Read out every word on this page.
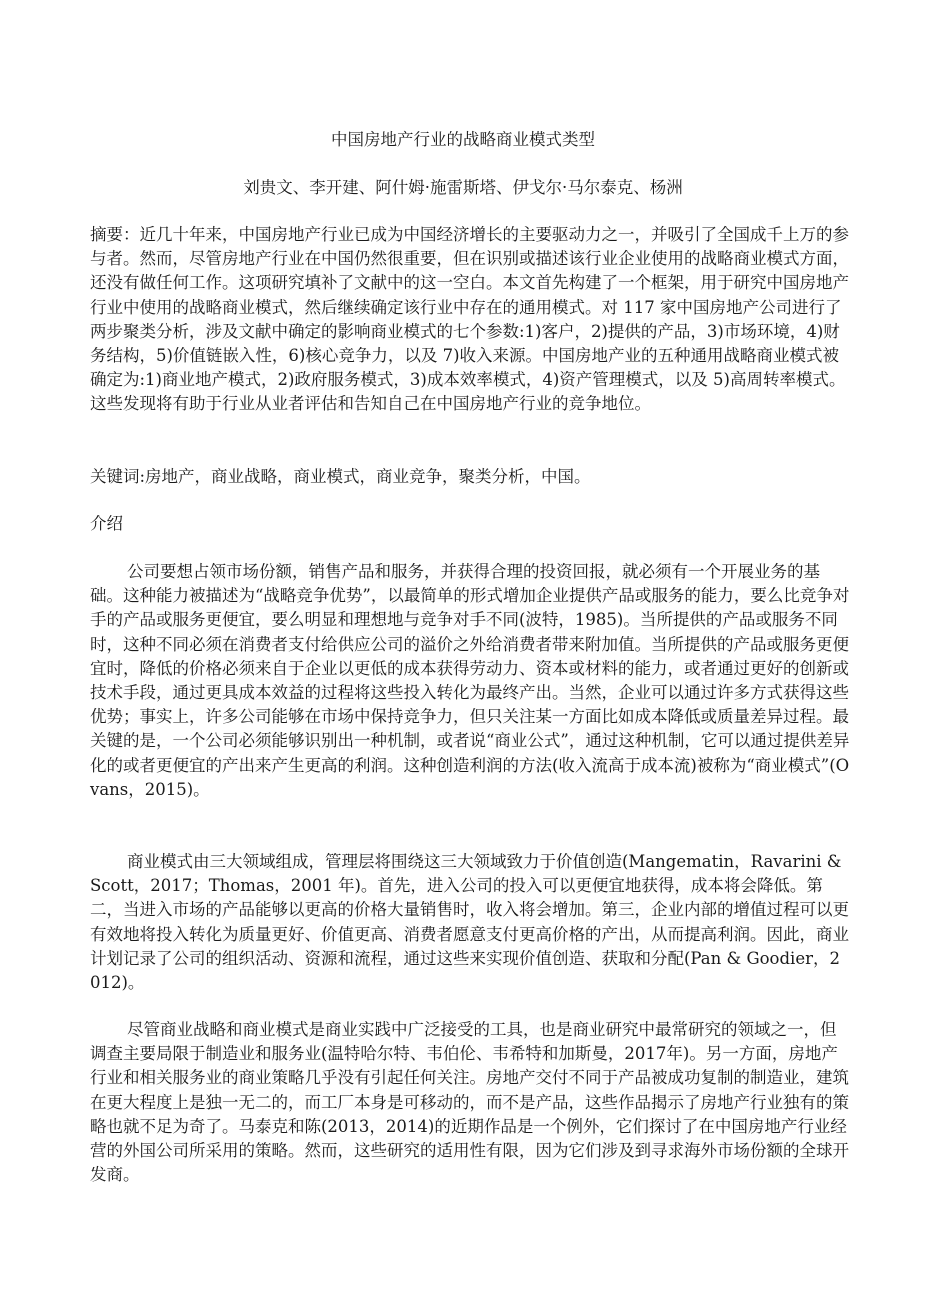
中国房地产行业的战略商业模式类型
刘贵文、李开建、阿什姆·施雷斯塔、伊戈尔·马尔泰克、杨洲
摘要：近几十年来，中国房地产行业已成为中国经济增长的主要驱动力之一，并吸引了全国成千上万的参与者。然而，尽管房地产行业在中国仍然很重要，但在识别或描述该行业企业使用的战略商业模式方面，还没有做任何工作。这项研究填补了文献中的这一空白。本文首先构建了一个框架，用于研究中国房地产行业中使用的战略商业模式，然后继续确定该行业中存在的通用模式。对 117 家中国房地产公司进行了两步聚类分析，涉及文献中确定的影响商业模式的七个参数:1)客户，2)提供的产品，3)市场环境，4)财务结构，5)价值链嵌入性，6)核心竞争力，以及 7)收入来源。中国房地产业的五种通用战略商业模式被确定为:1)商业地产模式，2)政府服务模式，3)成本效率模式，4)资产管理模式，以及 5)高周转率模式。这些发现将有助于行业从业者评估和告知自己在中国房地产行业的竞争地位。
关键词:房地产，商业战略，商业模式，商业竞争，聚类分析，中国。
介绍
公司要想占领市场份额，销售产品和服务，并获得合理的投资回报，就必须有一个开展业务的基础。这种能力被描述为“战略竞争优势”，以最简单的形式增加企业提供产品或服务的能力，要么比竞争对手的产品或服务更便宜，要么明显和理想地与竞争对手不同(波特，1985)。当所提供的产品或服务不同时，这种不同必须在消费者支付给供应公司的溢价之外给消费者带来附加值。当所提供的产品或服务更便宜时，降低的价格必须来自于企业以更低的成本获得劳动力、资本或材料的能力，或者通过更好的创新或技术手段，通过更具成本效益的过程将这些投入转化为最终产出。当然，企业可以通过许多方式获得这些优势；事实上，许多公司能够在市场中保持竞争力，但只关注某一方面比如成本降低或质量差异过程。最关键的是，一个公司必须能够识别出一种机制，或者说“商业公式”，通过这种机制，它可以通过提供差异化的或者更便宜的产出来产生更高的利润。这种创造利润的方法(收入流高于成本流)被称为“商业模式”(Ovans，2015)。
商业模式由三大领域组成，管理层将围绕这三大领域致力于价值创造(Mangematin，Ravarini & Scott，2017；Thomas，2001 年)。首先，进入公司的投入可以更便宜地获得，成本将会降低。第二，当进入市场的产品能够以更高的价格大量销售时，收入将会增加。第三，企业内部的增值过程可以更有效地将投入转化为质量更好、价值更高、消费者愿意支付更高价格的产出，从而提高利润。因此，商业计划记录了公司的组织活动、资源和流程，通过这些来实现价值创造、获取和分配(Pan & Goodier，2012)。
尽管商业战略和商业模式是商业实践中广泛接受的工具，也是商业研究中最常研究的领域之一，但调查主要局限于制造业和服务业(温特哈尔特、韦伯伦、韦希特和加斯曼，2017年)。另一方面，房地产行业和相关服务业的商业策略几乎没有引起任何关注。房地产交付不同于产品被成功复制的制造业，建筑在更大程度上是独一无二的，而工厂本身是可移动的，而不是产品，这些作品揭示了房地产行业独有的策略也就不足为奇了。马泰克和陈(2013，2014)的近期作品是一个例外，它们探讨了在中国房地产行业经营的外国公司所采用的策略。然而，这些研究的适用性有限，因为它们涉及到寻求海外市场份额的全球开发商。
